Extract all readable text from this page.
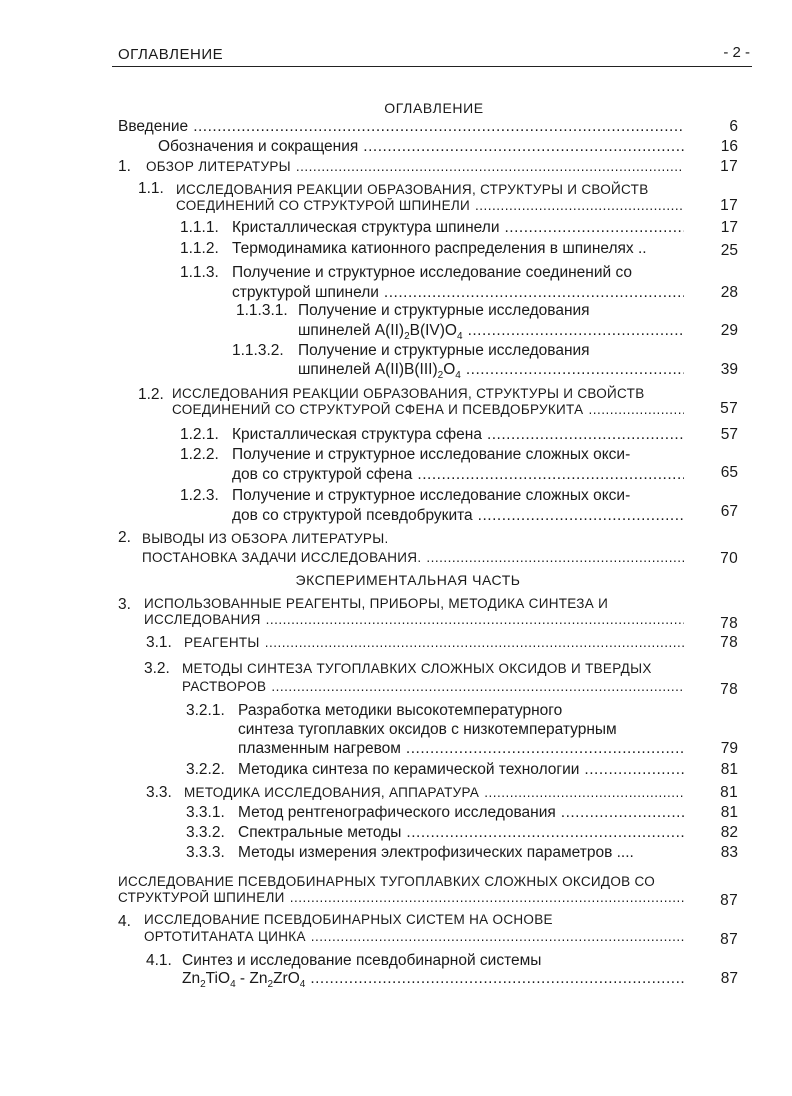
ОГЛАВЛЕНИЕ	- 2 -
ОГЛАВЛЕНИЕ
Введение .....	6
Обозначения и сокращения .....	16
1. ОБЗОР ЛИТЕРАТУРЫ .....	17
1.1. ИССЛЕДОВАНИЯ РЕАКЦИИ ОБРАЗОВАНИЯ, СТРУКТУРЫ И СВОЙСТВ
СОЕДИНЕНИЙ СО СТРУКТУРОЙ ШПИНЕЛИ .....	17
1.1.1. Кристаллическая структура шпинели .....	17
1.1.2. Термодинамика катионного распределения в шпинелях ..	25
1.1.3. Получение и структурное исследование соединений со
структурой шпинели .....	28
1.1.3.1. Получение и структурные исследования
шпинелей $A(II)_2B(IV)O_4$ .....	29
1.1.3.2. Получение и структурные исследования
шпинелей $A(II)B(III)_2O_4$ .....	39
1.2. ИССЛЕДОВАНИЯ РЕАКЦИИ ОБРАЗОВАНИЯ, СТРУКТУРЫ И СВОЙСТВ
СОЕДИНЕНИЙ СО СТРУКТУРОЙ СФЕНА И ПСЕВДОБРУКИТА .....	57
1.2.1. Кристаллическая структура сфена .....	57
1.2.2. Получение и структурное исследование сложных окси-
дов со структурой сфена .....	65
1.2.3. Получение и структурное исследование сложных окси-
дов со структурой псевдобрукита .....	67
2. ВЫВОДЫ ИЗ ОБЗОРА ЛИТЕРАТУРЫ.
ПОСТАНОВКА ЗАДАЧИ ИССЛЕДОВАНИЯ. .....	70
ЭКСПЕРИМЕНТАЛЬНАЯ ЧАСТЬ
3. ИСПОЛЬЗОВАННЫЕ РЕАГЕНТЫ, ПРИБОРЫ, МЕТОДИКА СИНТЕЗА И
ИССЛЕДОВАНИЯ .....	78
3.1. РЕАГЕНТЫ .....	78
3.2. МЕТОДЫ СИНТЕЗА ТУГОПЛАВКИХ СЛОЖНЫХ ОКСИДОВ И ТВЕРДЫХ
РАСТВОРОВ .....	78
3.2.1. Разработка методики высокотемпературного
синтеза тугоплавких оксидов с низкотемпературным
плазменным нагревом .....	79
3.2.2. Методика синтеза по керамической технологии .....	81
3.3. МЕТОДИКА ИССЛЕДОВАНИЯ, АППАРАТУРА .....	81
3.3.1. Метод рентгенографического исследования .....	81
3.3.2. Спектральные методы .....	82
3.3.3. Методы измерения электрофизических параметров ....	83
ИССЛЕДОВАНИЕ ПСЕВДОБИНАРНЫХ ТУГОПЛАВКИХ СЛОЖНЫХ ОКСИДОВ СО
СТРУКТУРОЙ ШПИНЕЛИ .....	87
4. ИССЛЕДОВАНИЕ ПСЕВДОБИНАРНЫХ СИСТЕМ НА ОСНОВЕ
ОРТОТИТАНАТА ЦИНКА .....	87
4.1. Синтез и исследование псевдобинарной системы
$Zn_2TiO_4 - Zn_2ZrO_4$ .....	87
